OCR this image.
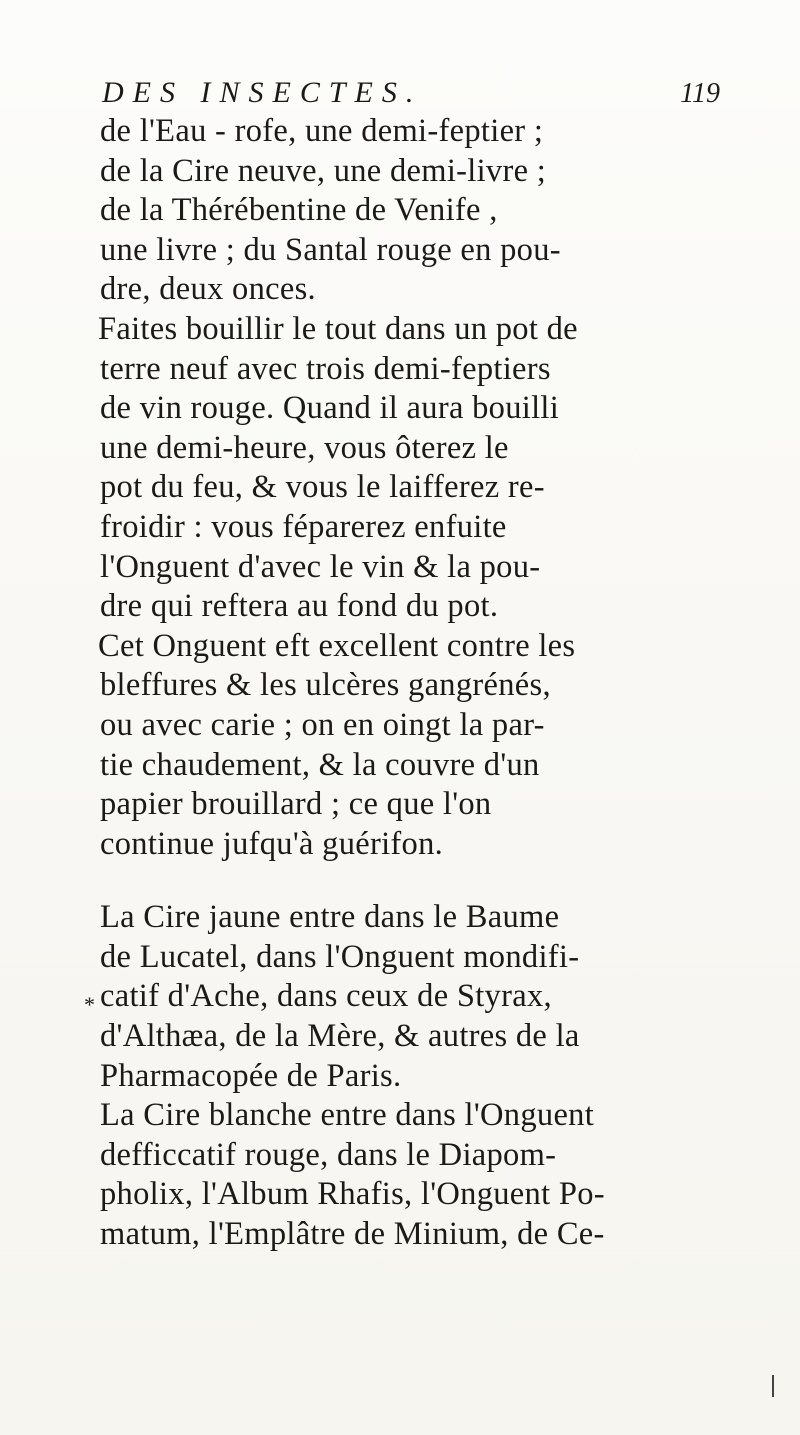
DES INSECTES.	119
*
de l'Eau - rofe, une demi-feptier ;
de la Cire neuve, une demi-livre ;
de la Thérébentine de Venife ,
une livre ; du Santal rouge en pou-
dre, deux onces.
Faites bouillir le tout dans un pot de
terre neuf avec trois demi-feptiers
de vin rouge. Quand il aura bouilli
une demi-heure, vous ôterez le
pot du feu, & vous le laifferez re-
froidir : vous féparerez enfuite
l'Onguent d'avec le vin & la pou-
dre qui reftera au fond du pot.
Cet Onguent eft excellent contre les
bleffures & les ulcères gangrénés,
ou avec carie ; on en oingt la par-
tie chaudement, & la couvre d'un
papier brouillard ; ce que l'on
continue jufqu'à guérifon.
La Cire jaune entre dans le Baume
de Lucatel, dans l'Onguent mondifi-
catif d'Ache, dans ceux de Styrax,
d'Althæa, de la Mère, & autres de la
Pharmacopée de Paris.
La Cire blanche entre dans l'Onguent
defficcatif rouge, dans le Diapom-
pholix, l'Album Rhafis, l'Onguent Po-
matum, l'Emplâtre de Minium, de Ce-
